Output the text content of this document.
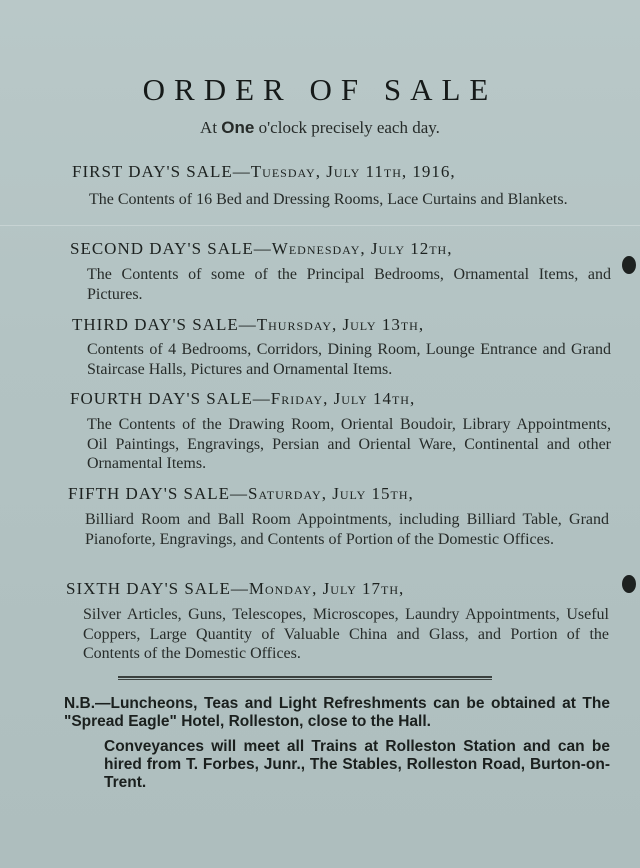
ORDER OF SALE
At One o'clock precisely each day.
FIRST DAY'S SALE—Tuesday, July 11th, 1916,
The Contents of 16 Bed and Dressing Rooms, Lace Curtains and Blankets.
SECOND DAY'S SALE—Wednesday, July 12th,
The Contents of some of the Principal Bedrooms, Ornamental Items, and Pictures.
THIRD DAY'S SALE—Thursday, July 13th,
Contents of 4 Bedrooms, Corridors, Dining Room, Lounge Entrance and Grand Staircase Halls, Pictures and Ornamental Items.
FOURTH DAY'S SALE—Friday, July 14th,
The Contents of the Drawing Room, Oriental Boudoir, Library Appointments, Oil Paintings, Engravings, Persian and Oriental Ware, Continental and other Ornamental Items.
FIFTH DAY'S SALE—Saturday, July 15th,
Billiard Room and Ball Room Appointments, including Billiard Table, Grand Pianoforte, Engravings, and Contents of Portion of the Domestic Offices.
SIXTH DAY'S SALE—Monday, July 17th,
Silver Articles, Guns, Telescopes, Microscopes, Laundry Appointments, Useful Coppers, Large Quantity of Valuable China and Glass, and Portion of the Contents of the Domestic Offices.
N.B.—Luncheons, Teas and Light Refreshments can be obtained at The "Spread Eagle" Hotel, Rolleston, close to the Hall.
Conveyances will meet all Trains at Rolleston Station and can be hired from T. Forbes, Junr., The Stables, Rolleston Road, Burton-on-Trent.
